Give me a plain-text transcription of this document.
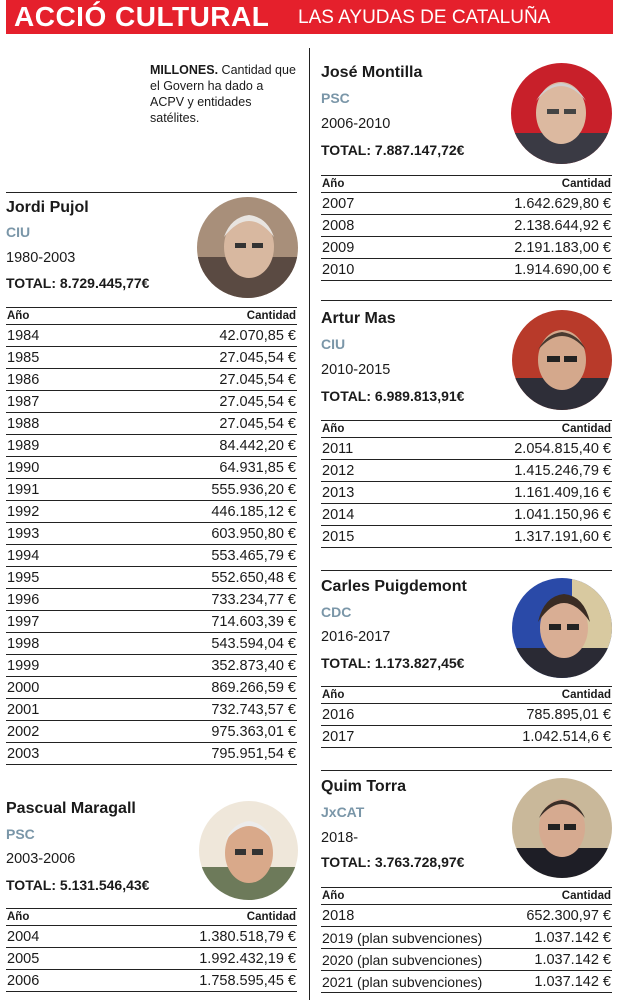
ACCIÓ CULTURAL LAS AYUDAS DE CATALUÑA
MILLONES. Cantidad que el Govern ha dado a ACPV y entidades satélites.
Jordi Pujol
CIU
1980-2003
TOTAL: 8.729.445,77€
Año	Cantidad
1984	42.070,85 €
1985	27.045,54 €
1986	27.045,54 €
1987	27.045,54 €
1988	27.045,54 €
1989	84.442,20 €
1990	64.931,85 €
1991	555.936,20 €
1992	446.185,12 €
1993	603.950,80 €
1994	553.465,79 €
1995	552.650,48 €
1996	733.234,77 €
1997	714.603,39 €
1998	543.594,04 €
1999	352.873,40 €
2000	869.266,59 €
2001	732.743,57 €
2002	975.363,01 €
2003	795.951,54 €
Pascual Maragall
PSC
2003-2006
TOTAL: 5.131.546,43€
Año	Cantidad
2004	1.380.518,79 €
2005	1.992.432,19 €
2006	1.758.595,45 €
José Montilla
PSC
2006-2010
TOTAL: 7.887.147,72€
Año	Cantidad
2007	1.642.629,80 €
2008	2.138.644,92 €
2009	2.191.183,00 €
2010	1.914.690,00 €
Artur Mas
CIU
2010-2015
TOTAL: 6.989.813,91€
Año	Cantidad
2011	2.054.815,40 €
2012	1.415.246,79 €
2013	1.161.409,16 €
2014	1.041.150,96 €
2015	1.317.191,60 €
Carles Puigdemont
CDC
2016-2017
TOTAL: 1.173.827,45€
Año	Cantidad
2016	785.895,01 €
2017	1.042.514,6 €
Quim Torra
JxCAT
2018-
TOTAL: 3.763.728,97€
Año	Cantidad
2018	652.300,97 €
2019 (plan subvenciones)	1.037.142 €
2020 (plan subvenciones)	1.037.142 €
2021 (plan subvenciones)	1.037.142 €
